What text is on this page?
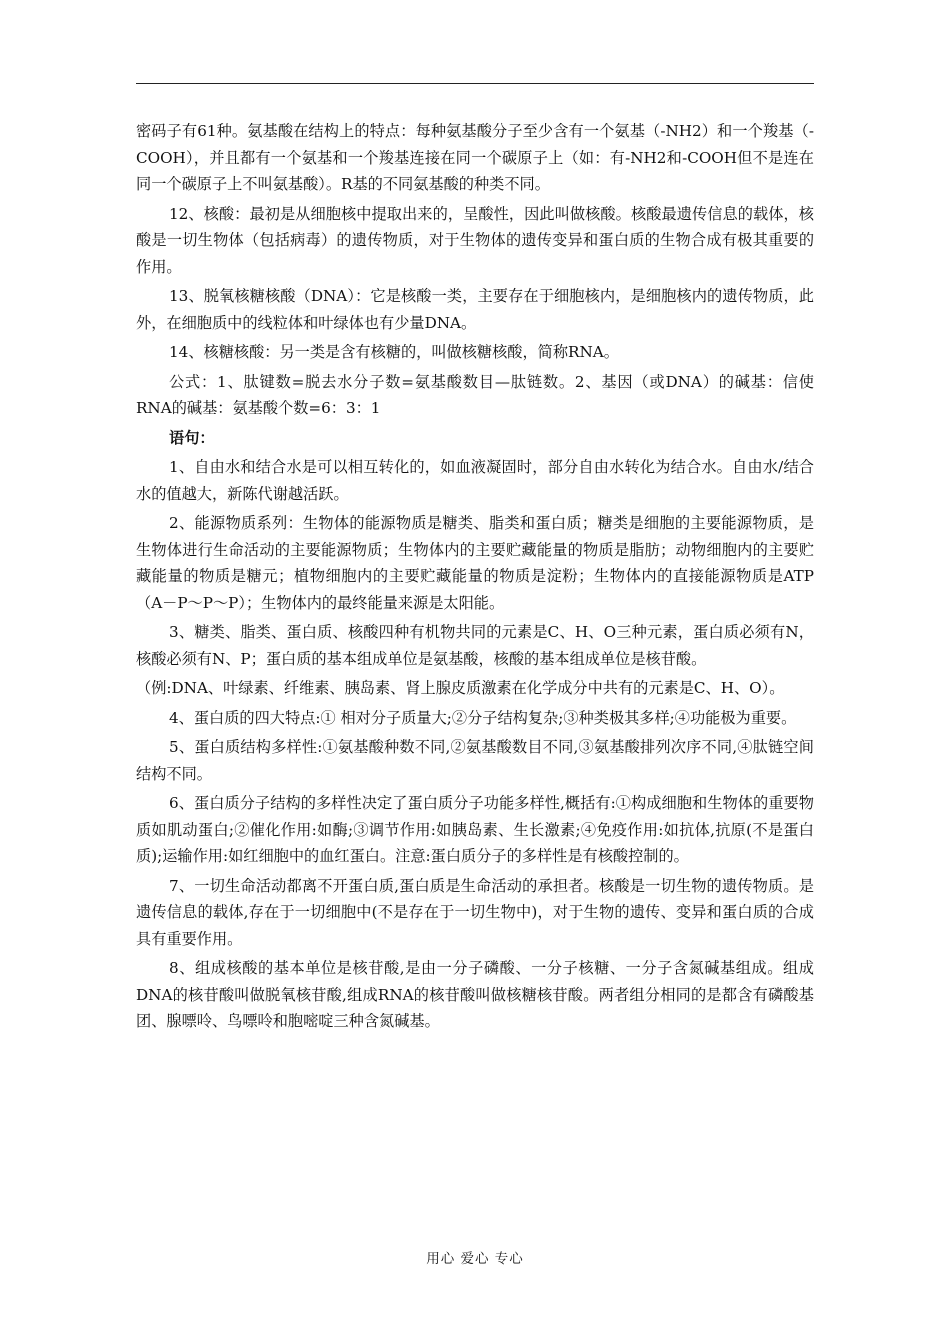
密码子有61种。氨基酸在结构上的特点：每种氨基酸分子至少含有一个氨基（-NH2）和一个羧基（-COOH），并且都有一个氨基和一个羧基连接在同一个碳原子上（如：有-NH2和-COOH但不是连在同一个碳原子上不叫氨基酸）。R基的不同氨基酸的种类不同。

12、核酸：最初是从细胞核中提取出来的，呈酸性，因此叫做核酸。核酸最遗传信息的载体，核酸是一切生物体（包括病毒）的遗传物质，对于生物体的遗传变异和蛋白质的生物合成有极其重要的作用。

13、脱氧核糖核酸（DNA）：它是核酸一类，主要存在于细胞核内，是细胞核内的遗传物质，此外，在细胞质中的线粒体和叶绿体也有少量DNA。

14、核糖核酸：另一类是含有核糖的，叫做核糖核酸，简称RNA。

公式：1、肽键数=脱去水分子数=氨基酸数目—肽链数。2、基因（或DNA）的碱基：信使RNA的碱基：氨基酸个数=6：3：1

语句：

1、自由水和结合水是可以相互转化的，如血液凝固时，部分自由水转化为结合水。自由水/结合水的值越大，新陈代谢越活跃。

2、能源物质系列：生物体的能源物质是糖类、脂类和蛋白质；糖类是细胞的主要能源物质，是生物体进行生命活动的主要能源物质；生物体内的主要贮藏能量的物质是脂肪；动物细胞内的主要贮藏能量的物质是糖元；植物细胞内的主要贮藏能量的物质是淀粉；生物体内的直接能源物质是ATP（A－P～P～P）；生物体内的最终能量来源是太阳能。

3、糖类、脂类、蛋白质、核酸四种有机物共同的元素是C、H、O三种元素，蛋白质必须有N，核酸必须有N、P；蛋白质的基本组成单位是氨基酸，核酸的基本组成单位是核苷酸。

（例:DNA、叶绿素、纤维素、胰岛素、肾上腺皮质激素在化学成分中共有的元素是C、H、O）。

4、蛋白质的四大特点:① 相对分子质量大;②分子结构复杂;③种类极其多样;④功能极为重要。

5、蛋白质结构多样性:①氨基酸种数不同,②氨基酸数目不同,③氨基酸排列次序不同,④肽链空间结构不同。

6、蛋白质分子结构的多样性决定了蛋白质分子功能多样性,概括有:①构成细胞和生物体的重要物质如肌动蛋白;②催化作用:如酶;③调节作用:如胰岛素、生长激素;④免疫作用:如抗体,抗原(不是蛋白质);运输作用:如红细胞中的血红蛋白。注意:蛋白质分子的多样性是有核酸控制的。

7、一切生命活动都离不开蛋白质,蛋白质是生命活动的承担者。核酸是一切生物的遗传物质。是遗传信息的载体,存在于一切细胞中(不是存在于一切生物中)，对于生物的遗传、变异和蛋白质的合成具有重要作用。

8、组成核酸的基本单位是核苷酸,是由一分子磷酸、一分子核糖、一分子含氮碱基组成。组成DNA的核苷酸叫做脱氧核苷酸,组成RNA的核苷酸叫做核糖核苷酸。两者组分相同的是都含有磷酸基团、腺嘌呤、鸟嘌呤和胞嘧啶三种含氮碱基。

用心 爱心 专心
